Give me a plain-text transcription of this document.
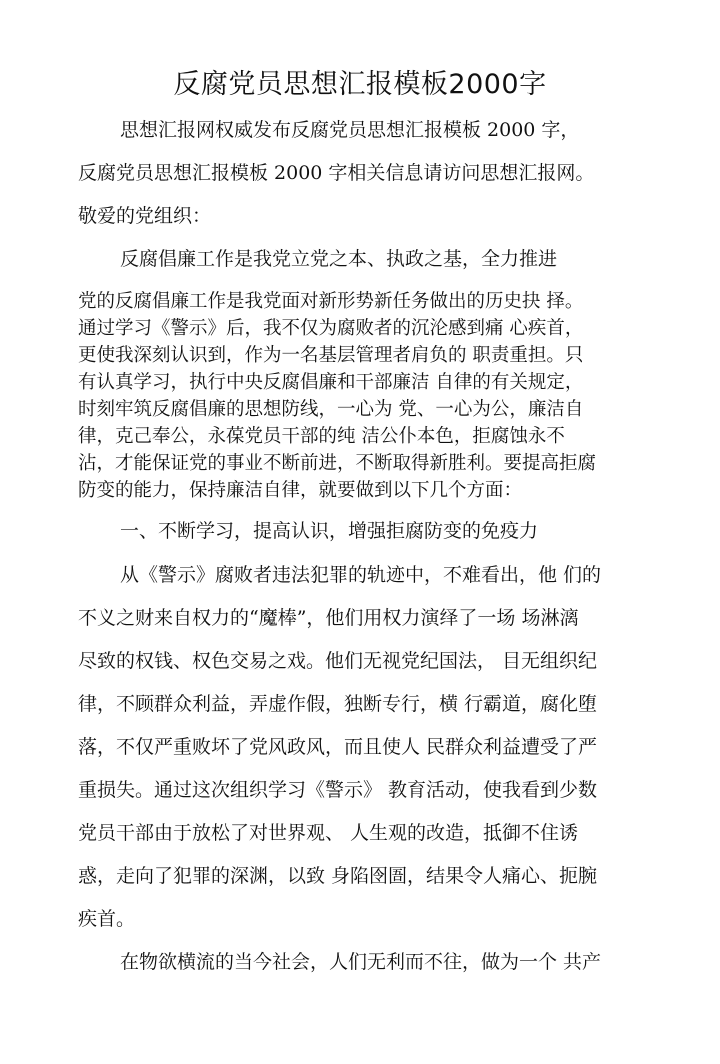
反腐党员思想汇报模板2000字
思想汇报网权威发布反腐党员思想汇报模板 2000 字，
反腐党员思想汇报模板 2000 字相关信息请访问思想汇报网。
敬爱的党组织：
反腐倡廉工作是我党立党之本、执政之基，全力推进
党的反腐倡廉工作是我党面对新形势新任务做出的历史抉 择。
通过学习《警示》后，我不仅为腐败者的沉沦感到痛 心疾首，
更使我深刻认识到，作为一名基层管理者肩负的 职责重担。只
有认真学习，执行中央反腐倡廉和干部廉洁 自律的有关规定，
时刻牢筑反腐倡廉的思想防线，一心为 党、一心为公，廉洁自
律，克己奉公，永葆党员干部的纯 洁公仆本色，拒腐蚀永不
沾，才能保证党的事业不断前进，不断取得新胜利。要提高拒腐
防变的能力，保持廉洁自律，就要做到以下几个方面：
一、不断学习，提高认识，增强拒腐防变的免疫力
从《警示》腐败者违法犯罪的轨迹中，不难看出，他 们的
不义之财来自权力的“魔棒”，他们用权力演绎了一场 场淋漓
尽致的权钱、权色交易之戏。他们无视党纪国法， 目无组织纪
律，不顾群众利益，弄虚作假，独断专行，横 行霸道，腐化堕
落，不仅严重败坏了党风政风，而且使人 民群众利益遭受了严
重损失。通过这次组织学习《警示》 教育活动，使我看到少数
党员干部由于放松了对世界观、 人生观的改造，抵御不住诱
惑，走向了犯罪的深渊，以致 身陷囹圄，结果令人痛心、扼腕
疾首。
在物欲横流的当今社会，人们无利而不往，做为一个 共产
